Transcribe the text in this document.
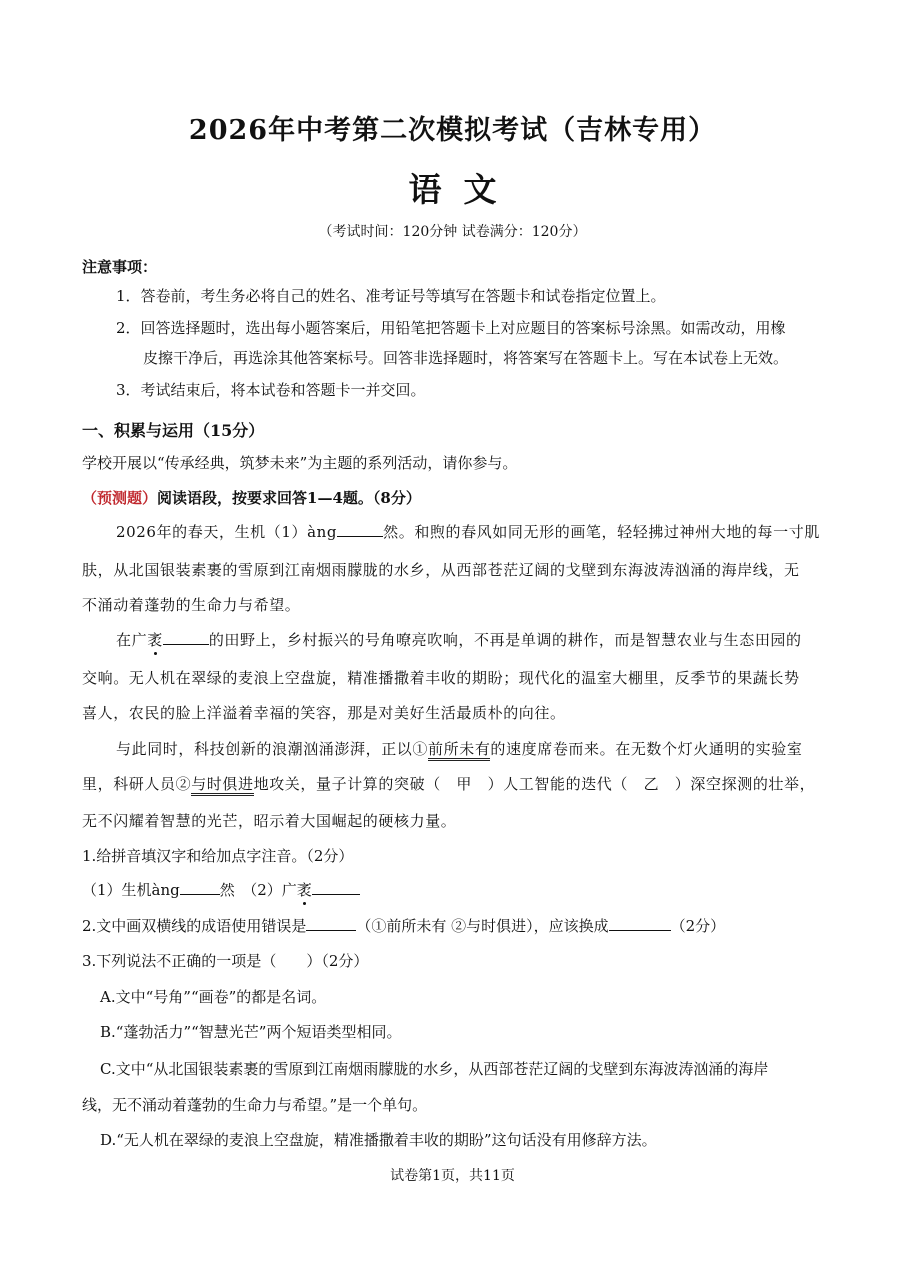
2026年中考第二次模拟考试（吉林专用）
语文
（考试时间：120分钟 试卷满分：120分）
注意事项：
1．答卷前，考生务必将自己的姓名、准考证号等填写在答题卡和试卷指定位置上。
2．回答选择题时，选出每小题答案后，用铅笔把答题卡上对应题目的答案标号涂黑。如需改动，用橡
皮擦干净后，再选涂其他答案标号。回答非选择题时，将答案写在答题卡上。写在本试卷上无效。
3．考试结束后，将本试卷和答题卡一并交回。
一、积累与运用（15分）
学校开展以“传承经典，筑梦未来”为主题的系列活动，请你参与。
（预测题）阅读语段，按要求回答1—4题。（8分）
2026年的春天，生机（1）àng	然。和煦的春风如同无形的画笔，轻轻拂过神州大地的每一寸肌
肤，从北国银装素裹的雪原到江南烟雨朦胧的水乡，从西部苍茫辽阔的戈壁到东海波涛汹涌的海岸线，无
不涌动着蓬勃的生命力与希望。
在广袤	的田野上，乡村振兴的号角嘹亮吹响，不再是单调的耕作，而是智慧农业与生态田园的
交响。无人机在翠绿的麦浪上空盘旋，精准播撒着丰收的期盼；现代化的温室大棚里，反季节的果蔬长势
喜人，农民的脸上洋溢着幸福的笑容，那是对美好生活最质朴的向往。
与此同时，科技创新的浪潮汹涌澎湃，正以①前所未有的速度席卷而来。在无数个灯火通明的实验室
里，科研人员②与时俱进地攻关，量子计算的突破（　甲　）人工智能的迭代（　乙　）深空探测的壮举，
无不闪耀着智慧的光芒，昭示着大国崛起的硬核力量。
1.给拼音填汉字和给加点字注音。（2分）
（1）生机àng	然　（2）广袤
2.文中画双横线的成语使用错误是	（①前所未有 ②与时俱进），应该换成	（2分）
3.下列说法不正确的一项是（　　）（2分）
A.文中“号角”“画卷”的都是名词。
B.“蓬勃活力”“智慧光芒”两个短语类型相同。
C.文中“从北国银装素裹的雪原到江南烟雨朦胧的水乡，从西部苍茫辽阔的戈壁到东海波涛汹涌的海岸
线，无不涌动着蓬勃的生命力与希望。”是一个单句。
D.“无人机在翠绿的麦浪上空盘旋，精准播撒着丰收的期盼”这句话没有用修辞方法。
试卷第1页，共11页
